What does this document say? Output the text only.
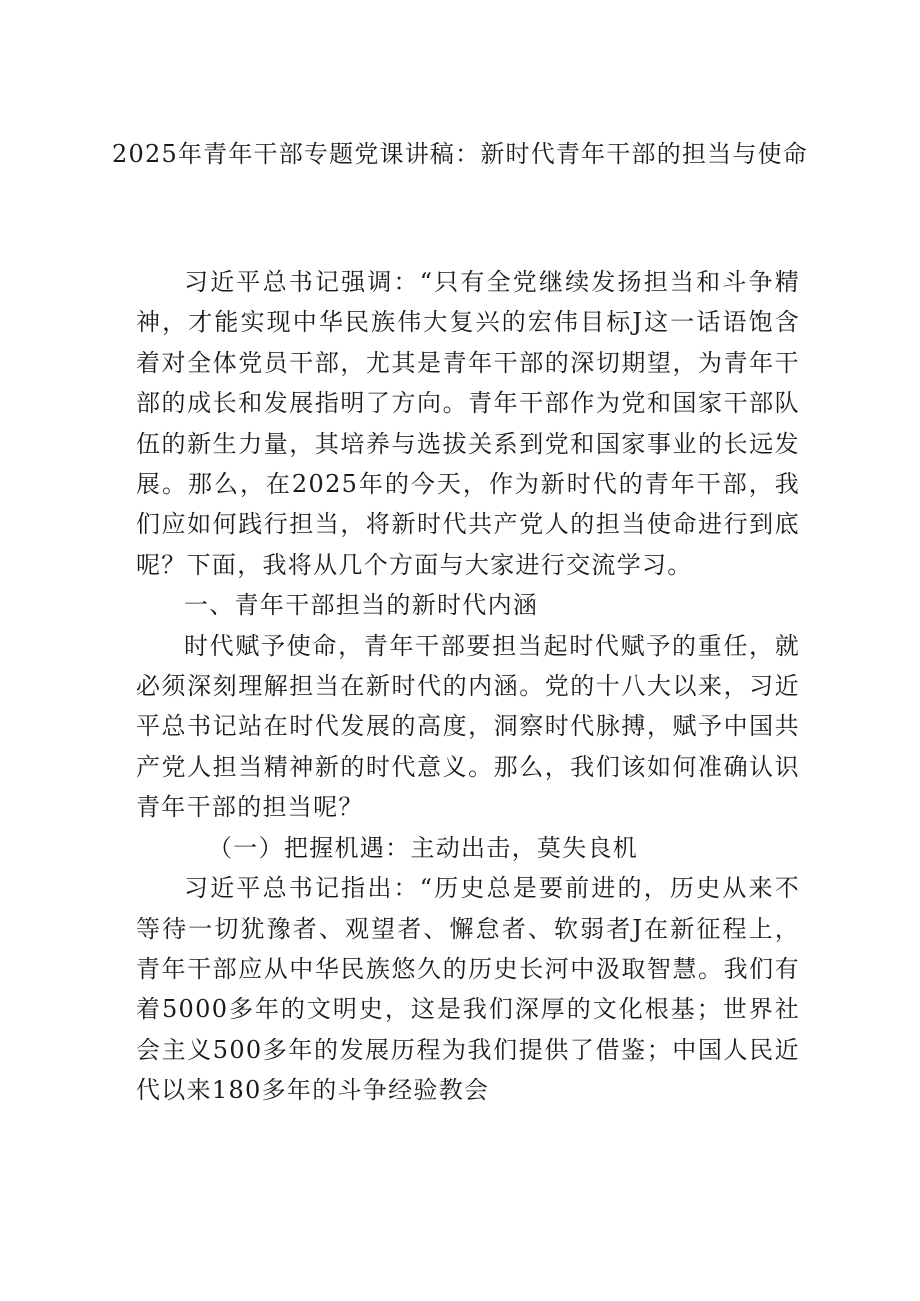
2025年青年干部专题党课讲稿：新时代青年干部的担当与使命

习近平总书记强调：“只有全党继续发扬担当和斗争精神，才能实现中华民族伟大复兴的宏伟目标J这一话语饱含着对全体党员干部，尤其是青年干部的深切期望，为青年干部的成长和发展指明了方向。青年干部作为党和国家干部队伍的新生力量，其培养与选拔关系到党和国家事业的长远发展。那么，在2025年的今天，作为新时代的青年干部，我们应如何践行担当，将新时代共产党人的担当使命进行到底呢？下面，我将从几个方面与大家进行交流学习。

一、青年干部担当的新时代内涵

时代赋予使命，青年干部要担当起时代赋予的重任，就必须深刻理解担当在新时代的内涵。党的十八大以来，习近平总书记站在时代发展的高度，洞察时代脉搏，赋予中国共产党人担当精神新的时代意义。那么，我们该如何准确认识青年干部的担当呢？

（一）把握机遇：主动出击，莫失良机

习近平总书记指出：“历史总是要前进的，历史从来不等待一切犹豫者、观望者、懈怠者、软弱者J在新征程上，青年干部应从中华民族悠久的历史长河中汲取智慧。我们有着5000多年的文明史，这是我们深厚的文化根基；世界社会主义500多年的发展历程为我们提供了借鉴；中国人民近代以来180多年的斗争经验教会
